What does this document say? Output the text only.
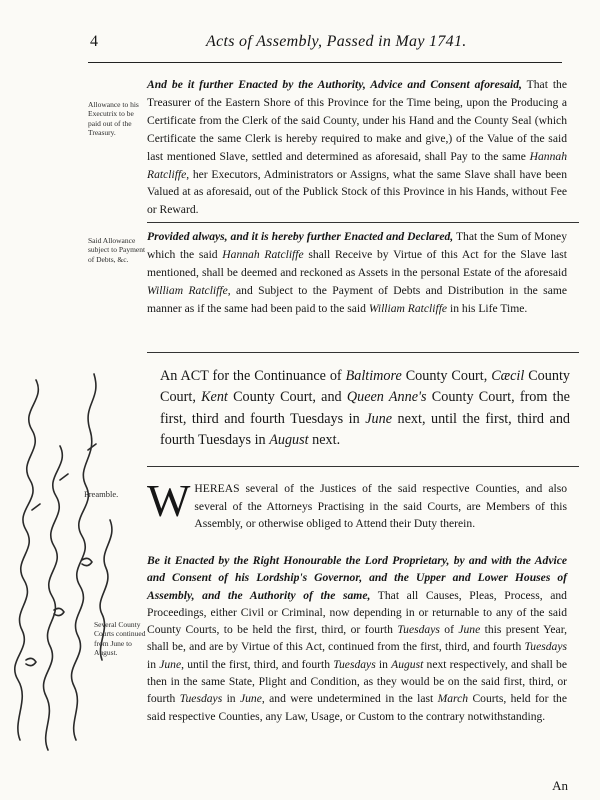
4	Acts of Assembly, Passed in May 1741.
Allowance to his Executrix to be paid out of the Treasury.
Said Allowance subject to Payment of Debts, &c.
Preamble.
Several County Courts continued from June to August.
And be it further Enacted by the Authority, Advice and Consent aforesaid, That the Treasurer of the Eastern Shore of this Province for the Time being, upon the Producing a Certificate from the Clerk of the said County, under his Hand and the County Seal (which Certificate the same Clerk is hereby required to make and give,) of the Value of the said last mentioned Slave, settled and determined as aforesaid, shall Pay to the same Hannah Ratcliffe, her Executors, Administrators or Assigns, what the same Slave shall have been Valued at as aforesaid, out of the Publick Stock of this Province in his Hands, without Fee or Reward.
Provided always, and it is hereby further Enacted and Declared, That the Sum of Money which the said Hannah Ratcliffe shall Receive by Virtue of this Act for the Slave last mentioned, shall be deemed and reckoned as Assets in the personal Estate of the aforesaid William Ratcliffe, and Subject to the Payment of Debts and Distribution in the same manner as if the same had been paid to the said William Ratcliffe in his Life Time.
An ACT for the Continuance of Baltimore County Court, Cæcil County Court, Kent County Court, and Queen Anne's County Court, from the first, third and fourth Tuesdays in June next, until the first, third and fourth Tuesdays in August next.
WHEREAS several of the Justices of the said respective Counties, and also several of the Attorneys Practising in the said Courts, are Members of this Assembly, or otherwise obliged to Attend their Duty therein.
Be it Enacted by the Right Honourable the Lord Proprietary, by and with the Advice and Consent of his Lordship's Governor, and the Upper and Lower Houses of Assembly, and the Authority of the same, That all Causes, Pleas, Process, and Proceedings, either Civil or Criminal, now depending in or returnable to any of the said County Courts, to be held the first, third, or fourth Tuesdays of June this present Year, shall be, and are by Virtue of this Act, continued from the first, third, and fourth Tuesdays in June, until the first, third, and fourth Tuesdays in August next respectively, and shall be then in the same State, Plight and Condition, as they would be on the said first, third, or fourth Tuesdays in June, and were undetermined in the last March Courts, held for the said respective Counties, any Law, Usage, or Custom to the contrary notwithstanding.
An
